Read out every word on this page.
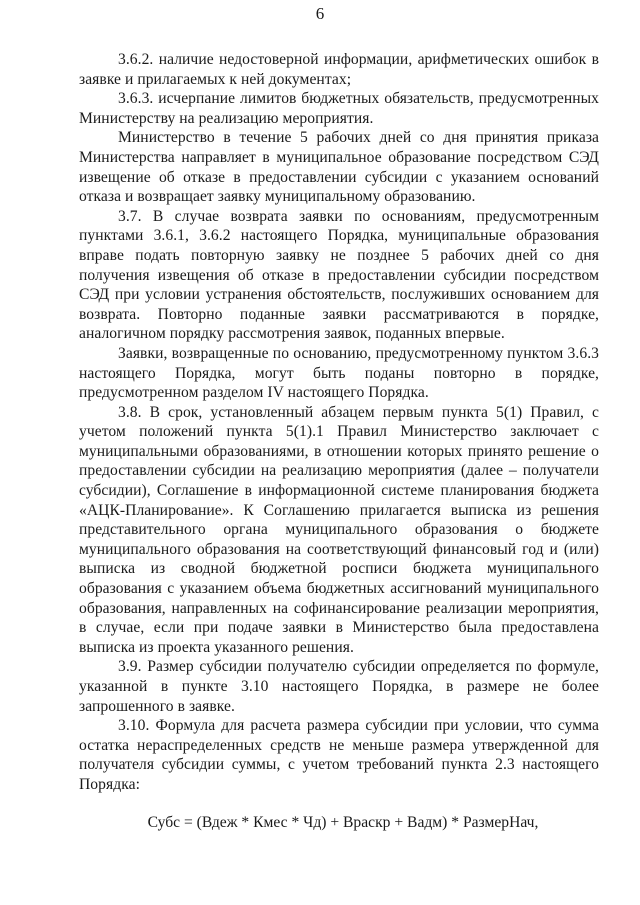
6

3.6.2. наличие недостоверной информации, арифметических ошибок в заявке и прилагаемых к ней документах;

3.6.3. исчерпание лимитов бюджетных обязательств, предусмотренных Министерству на реализацию мероприятия.

Министерство в течение 5 рабочих дней со дня принятия приказа Министерства направляет в муниципальное образование посредством СЭД извещение об отказе в предоставлении субсидии с указанием оснований отказа и возвращает заявку муниципальному образованию.

3.7. В случае возврата заявки по основаниям, предусмотренным пунктами 3.6.1, 3.6.2 настоящего Порядка, муниципальные образования вправе подать повторную заявку не позднее 5 рабочих дней со дня получения извещения об отказе в предоставлении субсидии посредством СЭД при условии устранения обстоятельств, послуживших основанием для возврата. Повторно поданные заявки рассматриваются в порядке, аналогичном порядку рассмотрения заявок, поданных впервые.

Заявки, возвращенные по основанию, предусмотренному пунктом 3.6.3 настоящего Порядка, могут быть поданы повторно в порядке, предусмотренном разделом IV настоящего Порядка.

3.8. В срок, установленный абзацем первым пункта 5(1) Правил, с учетом положений пункта 5(1).1 Правил Министерство заключает с муниципальными образованиями, в отношении которых принято решение о предоставлении субсидии на реализацию мероприятия (далее – получатели субсидии), Соглашение в информационной системе планирования бюджета «АЦК-Планирование». К Соглашению прилагается выписка из решения представительного органа муниципального образования о бюджете муниципального образования на соответствующий финансовый год и (или) выписка из сводной бюджетной росписи бюджета муниципального образования с указанием объема бюджетных ассигнований муниципального образования, направленных на софинансирование реализации мероприятия, в случае, если при подаче заявки в Министерство была предоставлена выписка из проекта указанного решения.

3.9. Размер субсидии получателю субсидии определяется по формуле, указанной в пункте 3.10 настоящего Порядка, в размере не более запрошенного в заявке.

3.10. Формула для расчета размера субсидии при условии, что сумма остатка нераспределенных средств не меньше размера утвержденной для получателя субсидии суммы, с учетом требований пункта 2.3 настоящего Порядка:

Субс = (Вдеж * Кмес * Чд) + Враскр + Вадм) * РазмерНач,
